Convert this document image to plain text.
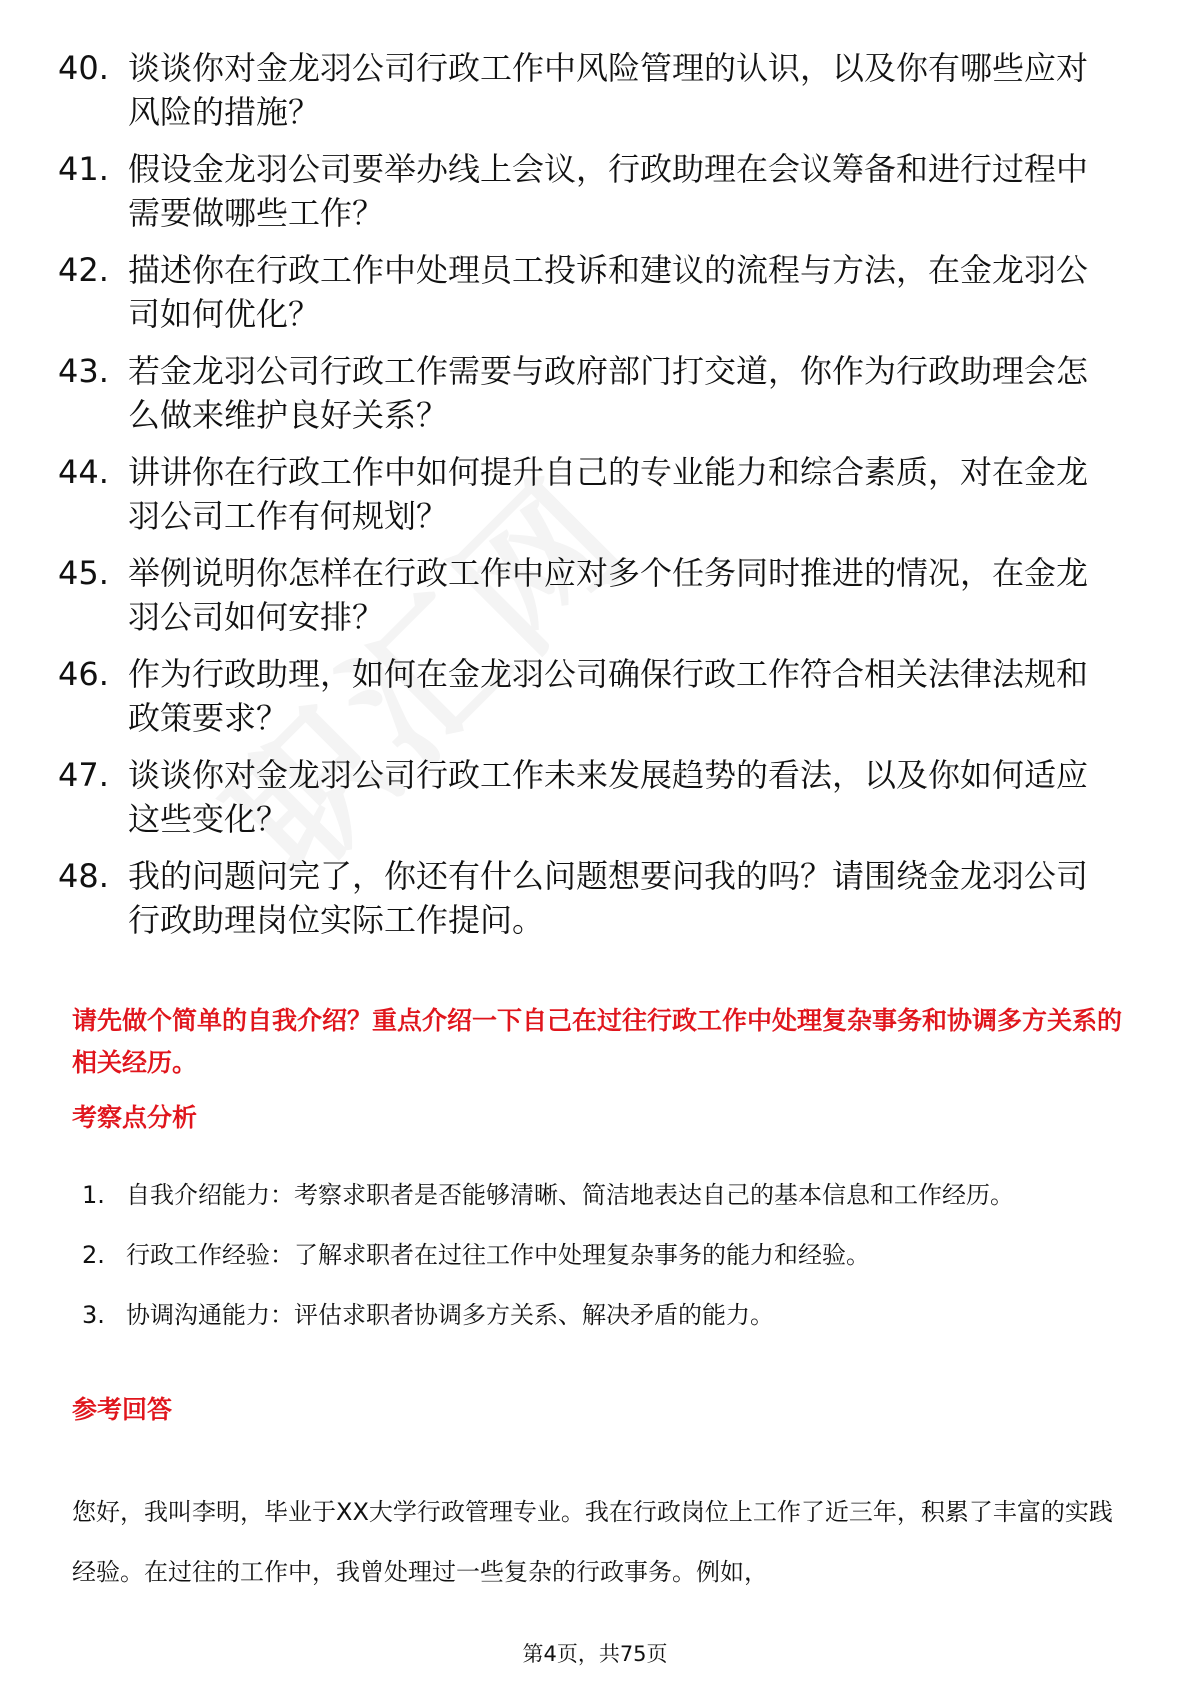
40. 谈谈你对金龙羽公司行政工作中风险管理的认识，以及你有哪些应对风险的措施？
41. 假设金龙羽公司要举办线上会议，行政助理在会议筹备和进行过程中需要做哪些工作？
42. 描述你在行政工作中处理员工投诉和建议的流程与方法，在金龙羽公司如何优化？
43. 若金龙羽公司行政工作需要与政府部门打交道，你作为行政助理会怎么做来维护良好关系？
44. 讲讲你在行政工作中如何提升自己的专业能力和综合素质，对在金龙羽公司工作有何规划？
45. 举例说明你怎样在行政工作中应对多个任务同时推进的情况，在金龙羽公司如何安排？
46. 作为行政助理，如何在金龙羽公司确保行政工作符合相关法律法规和政策要求？
47. 谈谈你对金龙羽公司行政工作未来发展趋势的看法，以及你如何适应这些变化？
48. 我的问题问完了，你还有什么问题想要问我的吗？请围绕金龙羽公司行政助理岗位实际工作提问。
请先做个简单的自我介绍？重点介绍一下自己在过往行政工作中处理复杂事务和协调多方关系的相关经历。
考察点分析
1. 自我介绍能力：考察求职者是否能够清晰、简洁地表达自己的基本信息和工作经历。
2. 行政工作经验：了解求职者在过往工作中处理复杂事务的能力和经验。
3. 协调沟通能力：评估求职者协调多方关系、解决矛盾的能力。
参考回答
您好，我叫李明，毕业于XX大学行政管理专业。我在行政岗位上工作了近三年，积累了丰富的实践经验。在过往的工作中，我曾处理过一些复杂的行政事务。例如，
第4页，共75页
